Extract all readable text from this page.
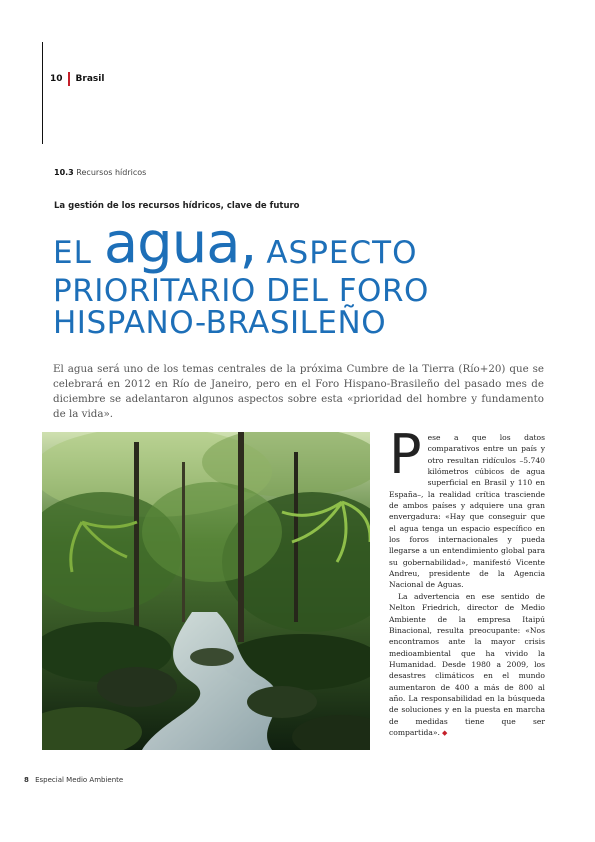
10 Brasil
10.3 Recursos hídricos
La gestión de los recursos hídricos, clave de futuro
EL agua, ASPECTO
PRIORITARIO DEL FORO
HISPANO-BRASILEÑO
El agua será uno de los temas centrales de la próxima Cumbre de la Tierra (Río+20) que se celebrará en 2012 en Río de Janeiro, pero en el Foro Hispano-Brasileño del pasado mes de diciembre se adelantaron algunos aspectos sobre esta «prioridad del hombre y fundamento de la vida».

Pese a que los datos comparativos entre un país y otro resultan ridículos –5.740 kilómetros cúbicos de agua superficial en Brasil y 110 en España–, la realidad crítica trasciende de ambos países y adquiere una gran envergadura: «Hay que conseguir que el agua tenga un espacio específico en los foros internacionales y pueda llegarse a un entendimiento global para su gobernabilidad», manifestó Vicente Andreu, presidente de la Agencia Nacional de Aguas.

La advertencia en ese sentido de Nelton Friedrich, director de Medio Ambiente de la empresa Itaipú Binacional, resulta preocupante: «Nos encontramos ante la mayor crisis medioambiental que ha vivido la Humanidad. Desde 1980 a 2009, los desastres climáticos en el mundo aumentaron de 400 a más de 800 al año. La responsabilidad en la búsqueda de soluciones y en la puesta en marcha de medidas tiene que ser compartida». ◆

8 Especial Medio Ambiente
